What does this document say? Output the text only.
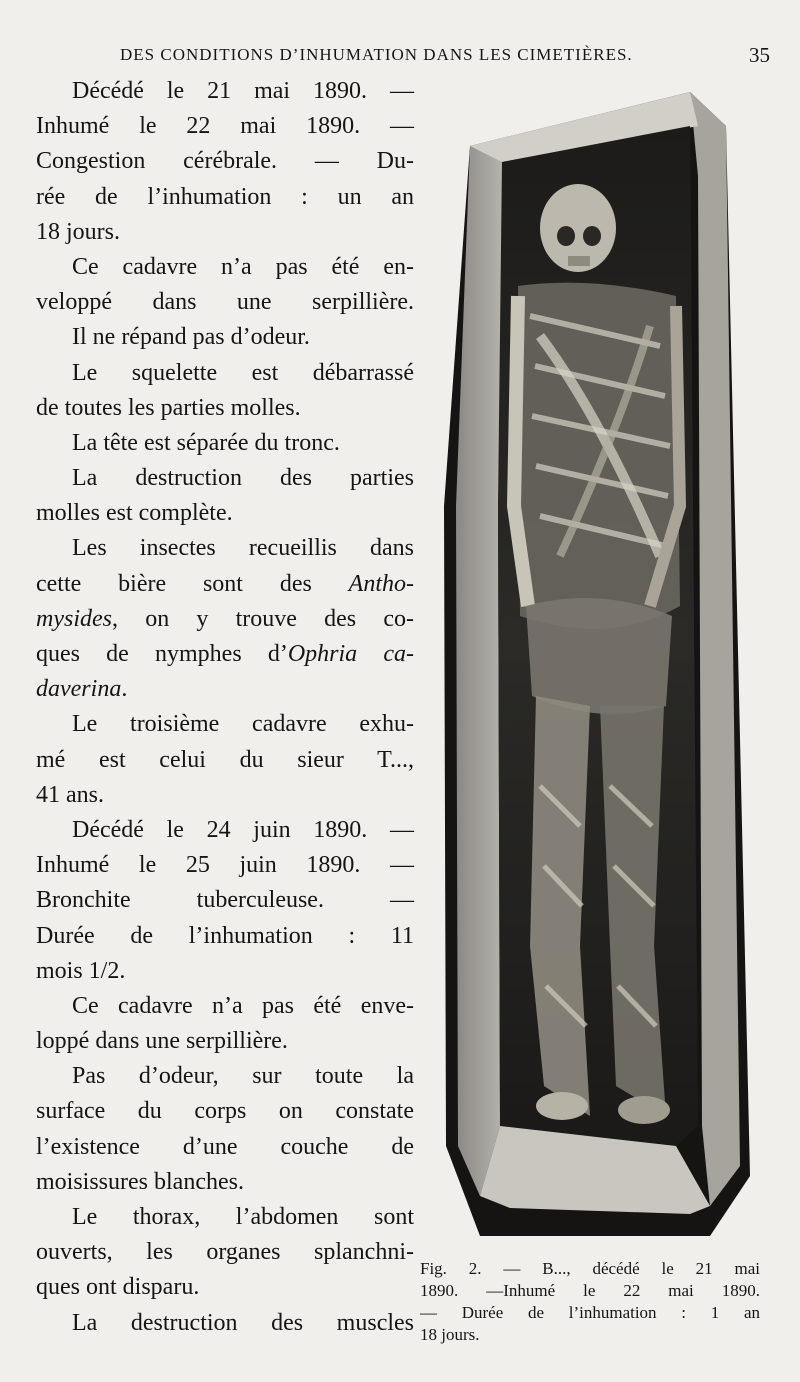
DES CONDITIONS D’INHUMATION DANS LES CIMETIÈRES.	35
Décédé le 21 mai 1890. —
Inhumé le 22 mai 1890. —
Congestion cérébrale. — Du-
rée de l’inhumation : un an
18 jours.
Ce cadavre n’a pas été en-
veloppé dans une serpillière.
Il ne répand pas d’odeur.
Le squelette est débarrassé
de toutes les parties molles.
La tête est séparée du tronc.
La destruction des parties
molles est complète.
Les insectes recueillis dans
cette bière sont des Antho-
mysides, on y trouve des co-
ques de nymphes d’Ophria ca-
daverina.
Le troisième cadavre exhu-
mé est celui du sieur T...,
41 ans.
Décédé le 24 juin 1890. —
Inhumé le 25 juin 1890. —
Bronchite tuberculeuse. —
Durée de l’inhumation : 11
mois 1/2.
Ce cadavre n’a pas été enve-
loppé dans une serpillière.
Pas d’odeur, sur toute la
surface du corps on constate
l’existence d’une couche de
moisissures blanches.
Le thorax, l’abdomen sont
ouverts, les organes splanchni-
ques ont disparu.
La destruction des muscles
Fig. 2. — B..., décédé le 21 mai
1890. —Inhumé le 22 mai 1890.
— Durée de l’inhumation : 1 an
18 jours.
